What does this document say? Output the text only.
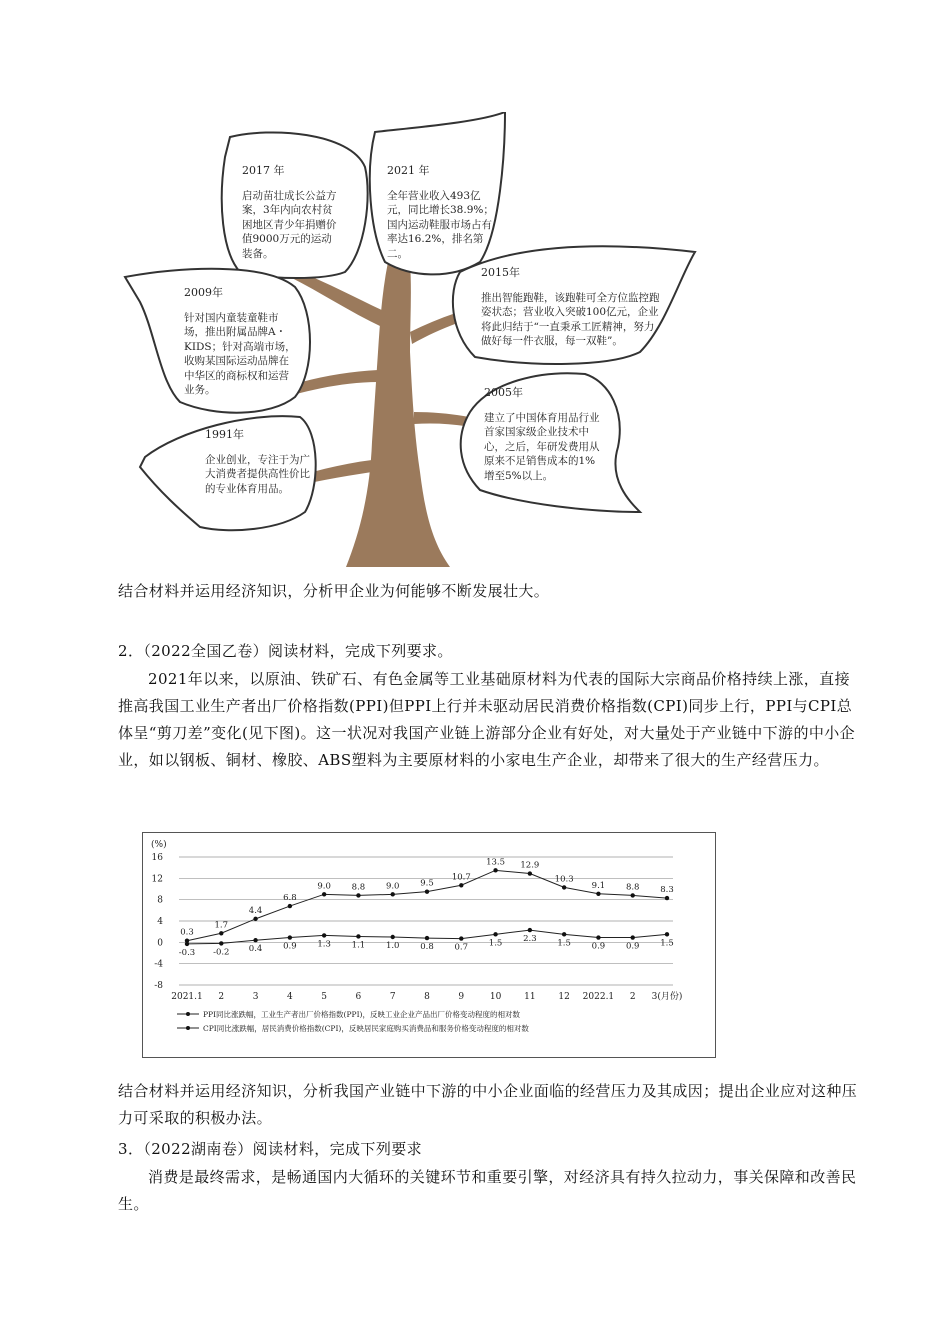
2017 年
启动苗壮成长公益方案，3年内向农村贫困地区青少年捐赠价值9000万元的运动装备。
2021 年
全年营业收入493亿元，同比增长38.9%；国内运动鞋服市场占有率达16.2%，排名第二。
2009年
针对国内童装童鞋市场，推出附属品牌A・KIDS；针对高端市场，收购某国际运动品牌在中华区的商标权和运营业务。
2015年
推出智能跑鞋，该跑鞋可全方位监控跑姿状态；营业收入突破100亿元，企业将此归结于“一直秉承工匠精神，努力做好每一件衣服，每一双鞋”。
2005年
建立了中国体育用品行业首家国家级企业技术中心，之后，年研发费用从原来不足销售成本的1%增至5%以上。
1991年
企业创业，专注于为广大消费者提供高性价比的专业体育用品。
结合材料并运用经济知识，分析甲企业为何能够不断发展壮大。
2．（2022全国乙卷）阅读材料，完成下列要求。
2021年以来，以原油、铁矿石、有色金属等工业基础原材料为代表的国际大宗商品价格持续上涨，直接推高我国工业生产者出厂价格指数(PPI)但PPI上行并未驱动居民消费价格指数(CPI)同步上行，PPI与CPI总体呈“剪刀差”变化(见下图)。这一状况对我国产业链上游部分企业有好处，对大量处于产业链中下游的中小企业，如以钢板、铜材、橡胶、ABS塑料为主要原材料的小家电生产企业，却带来了很大的生产经营压力。
(%)
16
12
8
4
0
-4
-8
2021.1 2	3	4	5	6	7	8	9	10	11	12 2022.1 2 3(月份)
0.3
1.7
4.4
6.8
9.0 8.8 9.0 9.5
10.7
13.5 12.9
10.3
9.1 8.8 8.3
-0.3 -0.2 0.4 0.9 1.3 1.1 1.0 0.8 0.7 1.5 2.3 1.5 0.9 0.9 1.5
PPI同比涨跌幅，工业生产者出厂价格指数(PPI)，反映工业企业产品出厂价格变动程度的相对数
CPI同比涨跌幅，居民消费价格指数(CPI)，反映居民家庭购买消费品和服务价格变动程度的相对数
结合材料并运用经济知识，分析我国产业链中下游的中小企业面临的经营压力及其成因；提出企业应对这种压力可采取的积极办法。
3．（2022湖南卷）阅读材料，完成下列要求
消费是最终需求，是畅通国内大循环的关键环节和重要引擎，对经济具有持久拉动力，事关保障和改善民生。
